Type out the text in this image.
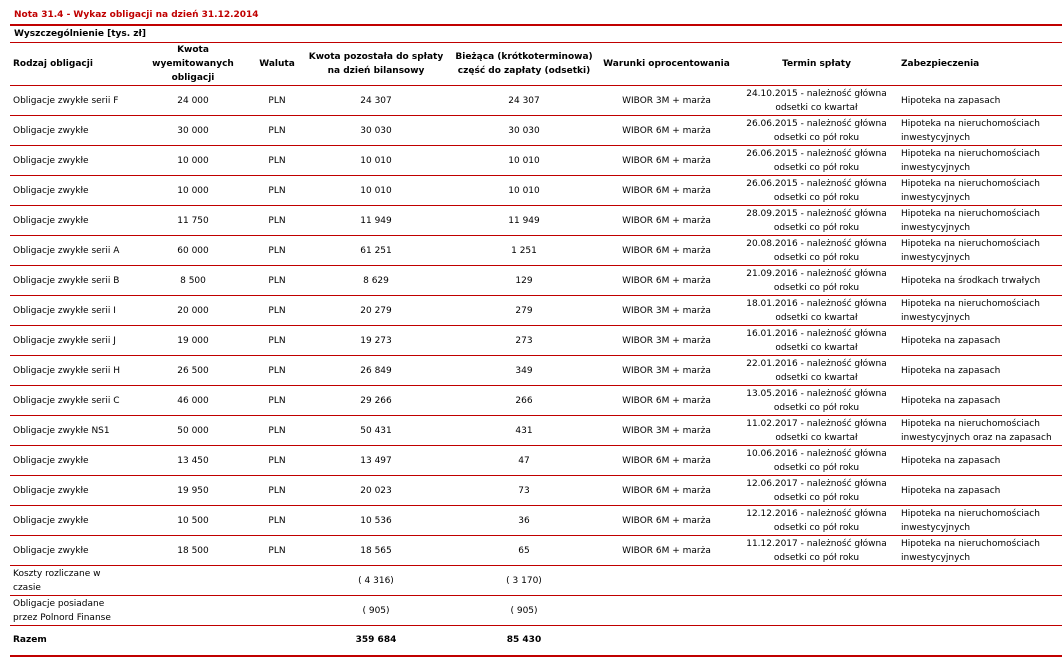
Nota 31.4 - Wykaz obligacji na dzień 31.12.2014
Wyszczególnienie [tys. zł]
Rodzaj obligacji	Kwota wyemitowanych obligacji	Waluta	Kwota pozostała do spłaty na dzień bilansowy	Bieżąca (krótkoterminowa) część do zapłaty (odsetki)	Warunki oprocentowania	Termin spłaty	Zabezpieczenia
Obligacje zwykłe serii F	24 000	PLN	24 307	24 307	WIBOR 3M + marża	24.10.2015 - należność główna odsetki co kwartał	Hipoteka na zapasach
Obligacje zwykłe	30 000	PLN	30 030	30 030	WIBOR 6M + marża	26.06.2015 - należność główna odsetki co pół roku	Hipoteka na nieruchomościach inwestycyjnych
Obligacje zwykłe	10 000	PLN	10 010	10 010	WIBOR 6M + marża	26.06.2015 - należność główna odsetki co pół roku	Hipoteka na nieruchomościach inwestycyjnych
Obligacje zwykłe	10 000	PLN	10 010	10 010	WIBOR 6M + marża	26.06.2015 - należność główna odsetki co pół roku	Hipoteka na nieruchomościach inwestycyjnych
Obligacje zwykłe	11 750	PLN	11 949	11 949	WIBOR 6M + marża	28.09.2015 - należność główna odsetki co pół roku	Hipoteka na nieruchomościach inwestycyjnych
Obligacje zwykłe serii A	60 000	PLN	61 251	1 251	WIBOR 6M + marża	20.08.2016 - należność główna odsetki co pół roku	Hipoteka na nieruchomościach inwestycyjnych
Obligacje zwykłe serii B	8 500	PLN	8 629	129	WIBOR 6M + marża	21.09.2016 - należność główna odsetki co pół roku	Hipoteka na środkach trwałych
Obligacje zwykłe serii I	20 000	PLN	20 279	279	WIBOR 3M + marża	18.01.2016 - należność główna odsetki co kwartał	Hipoteka na nieruchomościach inwestycyjnych
Obligacje zwykłe serii J	19 000	PLN	19 273	273	WIBOR 3M + marża	16.01.2016 - należność główna odsetki co kwartał	Hipoteka na zapasach
Obligacje zwykłe serii H	26 500	PLN	26 849	349	WIBOR 3M + marża	22.01.2016 - należność główna odsetki co kwartał	Hipoteka na zapasach
Obligacje zwykłe serii C	46 000	PLN	29 266	266	WIBOR 6M + marża	13.05.2016 - należność główna odsetki co pół roku	Hipoteka na zapasach
Obligacje zwykłe NS1	50 000	PLN	50 431	431	WIBOR 3M + marża	11.02.2017 - należność główna odsetki co kwartał	Hipoteka na nieruchomościach inwestycyjnych oraz na zapasach
Obligacje zwykłe	13 450	PLN	13 497	47	WIBOR 6M + marża	10.06.2016 - należność główna odsetki co pół roku	Hipoteka na zapasach
Obligacje zwykłe	19 950	PLN	20 023	73	WIBOR 6M + marża	12.06.2017 - należność główna odsetki co pół roku	Hipoteka na zapasach
Obligacje zwykłe	10 500	PLN	10 536	36	WIBOR 6M + marża	12.12.2016 - należność główna odsetki co pół roku	Hipoteka na nieruchomościach inwestycyjnych
Obligacje zwykłe	18 500	PLN	18 565	65	WIBOR 6M + marża	11.12.2017 - należność główna odsetki co pół roku	Hipoteka na nieruchomościach inwestycyjnych
Koszty rozliczane w czasie			( 4 316)	( 3 170)			
Obligacje posiadane przez Polnord Finanse			( 905)	( 905)			
Razem			359 684	85 430			
